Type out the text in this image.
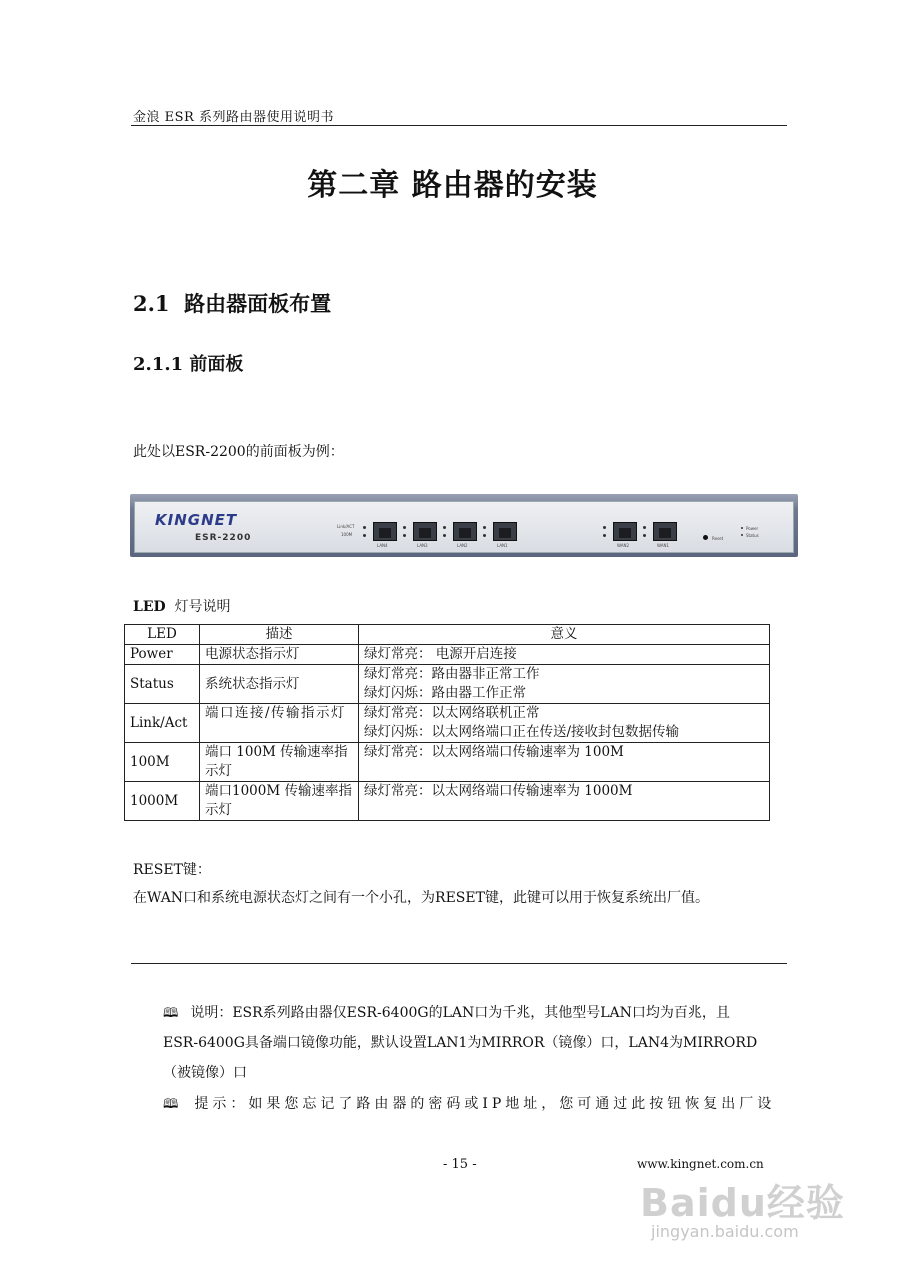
金浪 ESR 系列路由器使用说明书
第二章 路由器的安装
2.1 路由器面板布置
2.1.1 前面板
此处以ESR-2200的前面板为例：
KINGNET
ESR-2200
Link/ACT
100M
LAN4	LAN3	LAN2	LAN1	WAN2	WAN1
Reset
Power
Status
LED 灯号说明
LED	描述	意义
Power	电源状态指示灯	绿灯常亮： 电源开启连接

Status	系统状态指示灯	绿灯常亮：路由器非正常工作
绿灯闪烁：路由器工作正常

Link/Act	端口连接/传输指示灯	绿灯常亮：以太网络联机正常
绿灯闪烁：以太网络端口正在传送/接收封包数据传输

100M	端口 100M 传输速率指示灯	绿灯常亮：以太网络端口传输速率为 100M

1000M	端口1000M 传输速率指示灯	绿灯常亮：以太网络端口传输速率为 1000M
RESET键：
在WAN口和系统电源状态灯之间有一个小孔，为RESET键，此键可以用于恢复系统出厂值。
🕮 说明：ESR系列路由器仅ESR-6400G的LAN口为千兆，其他型号LAN口均为百兆，且
ESR-6400G具备端口镜像功能，默认设置LAN1为MIRROR（镜像）口，LAN4为MIRRORD
（被镜像）口
🕮 提示：如果您忘记了路由器的密码或IP地址，您可通过此按钮恢复出厂设
- 15 -	www.kingnet.com.cn
Baidu经验
jingyan.baidu.com
